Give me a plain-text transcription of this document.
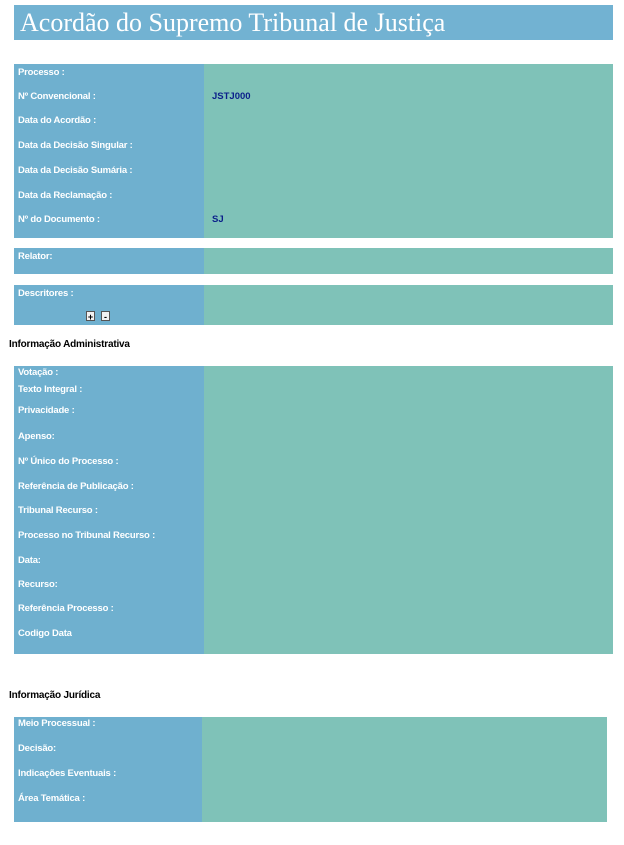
Acordão do Supremo Tribunal de Justiça
Processo :
Nº Convencional :	JSTJ000
Data do Acordão :
Data da Decisão Singular :
Data da Decisão Sumária :
Data da Reclamação :
Nº do Documento :	SJ
Relator:
Descritores :
+	-
Informação Administrativa
Votação :
Texto Integral :
Privacidade :
Apenso:
Nº Único do Processo :
Referência de Publicação :
Tribunal Recurso :
Processo no Tribunal Recurso :
Data:
Recurso:
Referência Processo :
Codigo Data
Informação Jurídica
Meio Processual :
Decisão:
Indicações Eventuais :
Área Temática :
